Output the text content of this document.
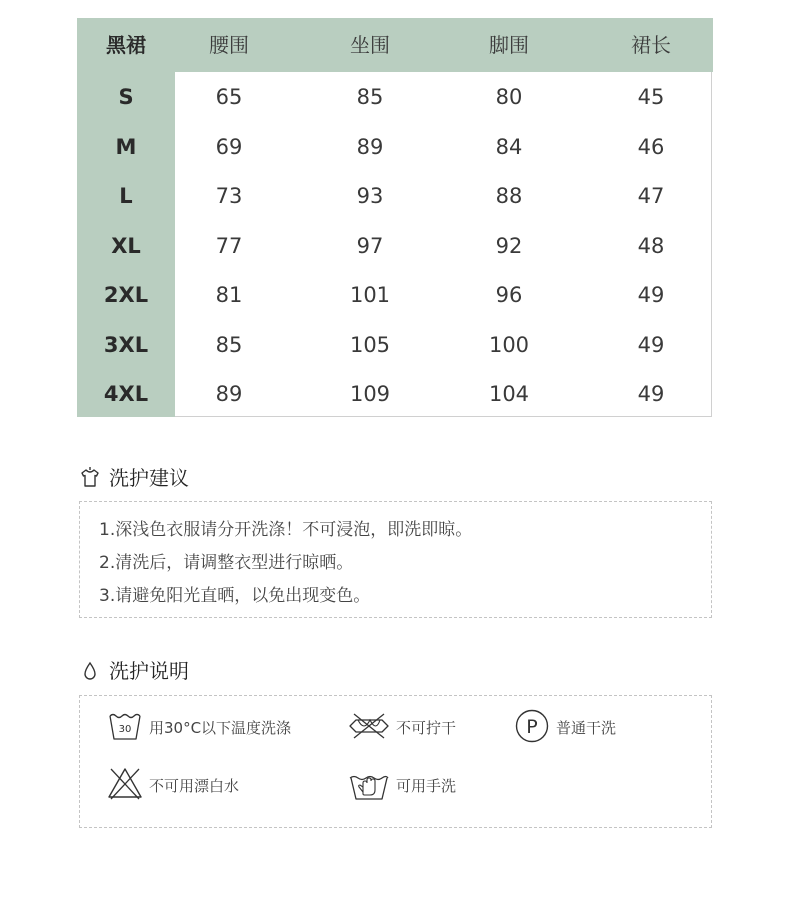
黑裙	腰围	坐围	脚围	裙长
S	65	85	80	45
M	69	89	84	46
L	73	93	88	47
XL	77	97	92	48
2XL	81	101	96	49
3XL	85	105	100	49
4XL	89	109	104	49
洗护建议
1.深浅色衣服请分开洗涤！不可浸泡，即洗即晾。
2.清洗后，请调整衣型进行晾晒。
3.请避免阳光直晒，以免出现变色。
洗护说明
30 用30°C以下温度洗涤	不可拧干	P 普通干洗
不可用漂白水	可用手洗
